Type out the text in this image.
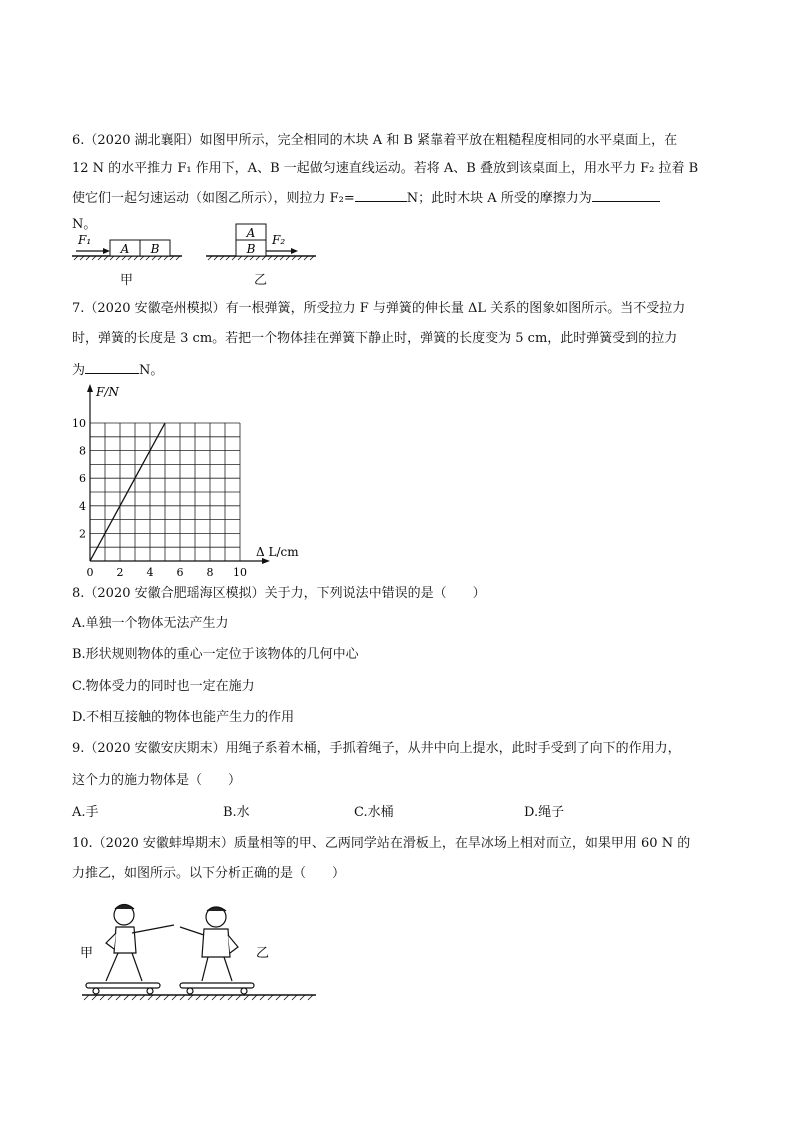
6.（2020 湖北襄阳）如图甲所示，完全相同的木块 A 和 B 紧靠着平放在粗糙程度相同的水平桌面上，在
12 N 的水平推力 F₁ 作用下，A、B 一起做匀速直线运动。若将 A、B 叠放到该桌面上，用水平力 F₂ 拉着 B
使它们一起匀速运动（如图乙所示），则拉力 F₂=	N；此时木块 A 所受的摩擦力为
N。
A B
F₁	A
B
F₂
甲	乙
7.（2020 安徽亳州模拟）有一根弹簧，所受拉力 F 与弹簧的伸长量 ΔL 关系的图象如图所示。当不受拉力
时，弹簧的长度是 3 cm。若把一个物体挂在弹簧下静止时，弹簧的长度变为 5 cm，此时弹簧受到的拉力
为	N。
0 2 4 6 8 10
2
4
6
8
10
F/N
Δ L/cm
8.（2020 安徽合肥瑶海区模拟）关于力，下列说法中错误的是（　　）
A.单独一个物体无法产生力
B.形状规则物体的重心一定位于该物体的几何中心
C.物体受力的同时也一定在施力
D.不相互接触的物体也能产生力的作用
9.（2020 安徽安庆期末）用绳子系着木桶，手抓着绳子，从井中向上提水，此时手受到了向下的作用力，
这个力的施力物体是（　　）
A.手	B.水	C.水桶	D.绳子
10.（2020 安徽蚌埠期末）质量相等的甲、乙两同学站在滑板上，在旱冰场上相对而立，如果甲用 60 N 的
力推乙，如图所示。以下分析正确的是（　　）
甲	乙
